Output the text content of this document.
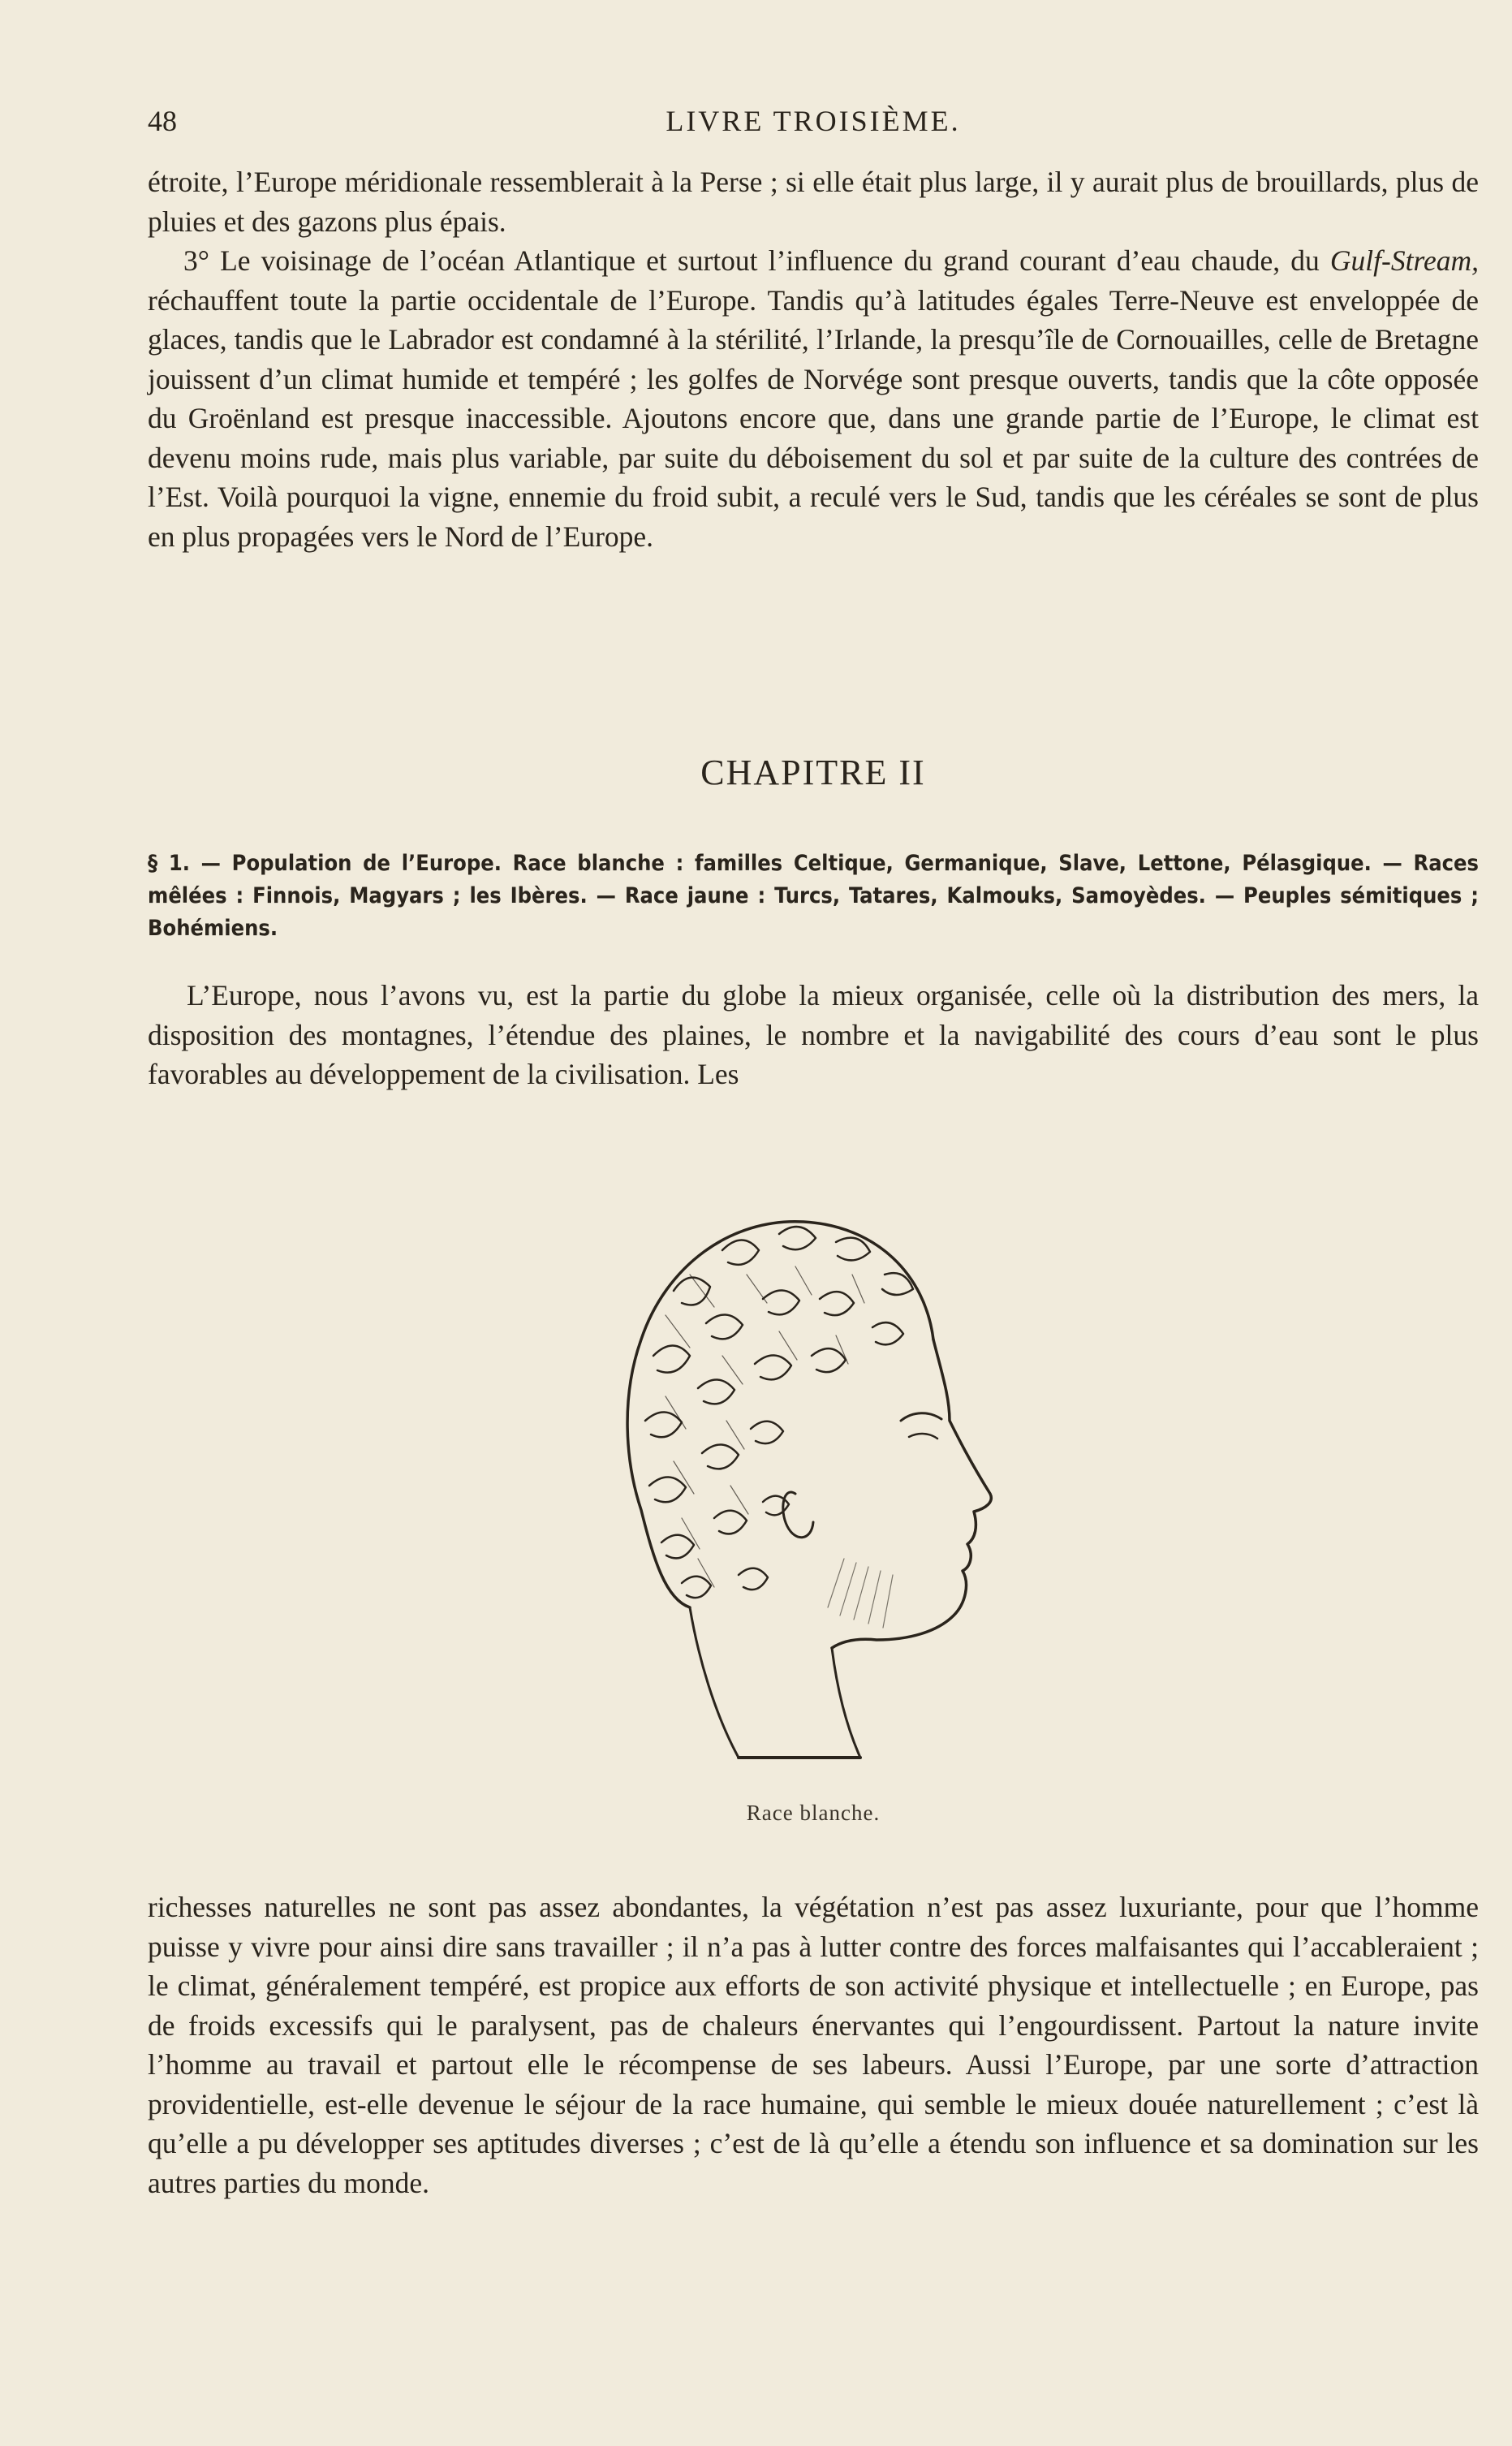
48	LIVRE TROISIÈME.

étroite, l’Europe méridionale ressemblerait à la Perse ; si elle était plus large, il y aurait plus de brouillards, plus de pluies et des gazons plus épais.

3° Le voisinage de l’océan Atlantique et surtout l’influence du grand courant d’eau chaude, du Gulf-Stream, réchauffent toute la partie occidentale de l’Europe. Tandis qu’à latitudes égales Terre-Neuve est enveloppée de glaces, tandis que le Labrador est condamné à la stérilité, l’Irlande, la presqu’île de Cornouailles, celle de Bretagne jouissent d’un climat humide et tempéré ; les golfes de Norvége sont presque ouverts, tandis que la côte opposée du Groënland est presque inaccessible. Ajoutons encore que, dans une grande partie de l’Europe, le climat est devenu moins rude, mais plus variable, par suite du déboisement du sol et par suite de la culture des contrées de l’Est. Voilà pourquoi la vigne, ennemie du froid subit, a reculé vers le Sud, tandis que les céréales se sont de plus en plus propagées vers le Nord de l’Europe.

CHAPITRE II
§ 1. — Population de l’Europe. Race blanche : familles Celtique, Germanique, Slave, Lettone, Pélasgique. — Races mêlées : Finnois, Magyars ; les Ibères. — Race jaune : Turcs, Tatares, Kalmouks, Samoyèdes. — Peuples sémitiques ; Bohémiens.

L’Europe, nous l’avons vu, est la partie du globe la mieux organisée, celle où la distribution des mers, la disposition des montagnes, l’étendue des plaines, le nombre et la navigabilité des cours d’eau sont le plus favorables au développement de la civilisation. Les

Race blanche.

richesses naturelles ne sont pas assez abondantes, la végétation n’est pas assez luxuriante, pour que l’homme puisse y vivre pour ainsi dire sans travailler ; il n’a pas à lutter contre des forces malfaisantes qui l’accableraient ; le climat, généralement tempéré, est propice aux efforts de son activité physique et intellectuelle ; en Europe, pas de froids excessifs qui le paralysent, pas de chaleurs énervantes qui l’engourdissent. Partout la nature invite l’homme au travail et partout elle le récompense de ses labeurs. Aussi l’Europe, par une sorte d’attraction providentielle, est-elle devenue le séjour de la race humaine, qui semble le mieux douée naturellement ; c’est là qu’elle a pu développer ses aptitudes diverses ; c’est de là qu’elle a étendu son influence et sa domination sur les autres parties du monde.
